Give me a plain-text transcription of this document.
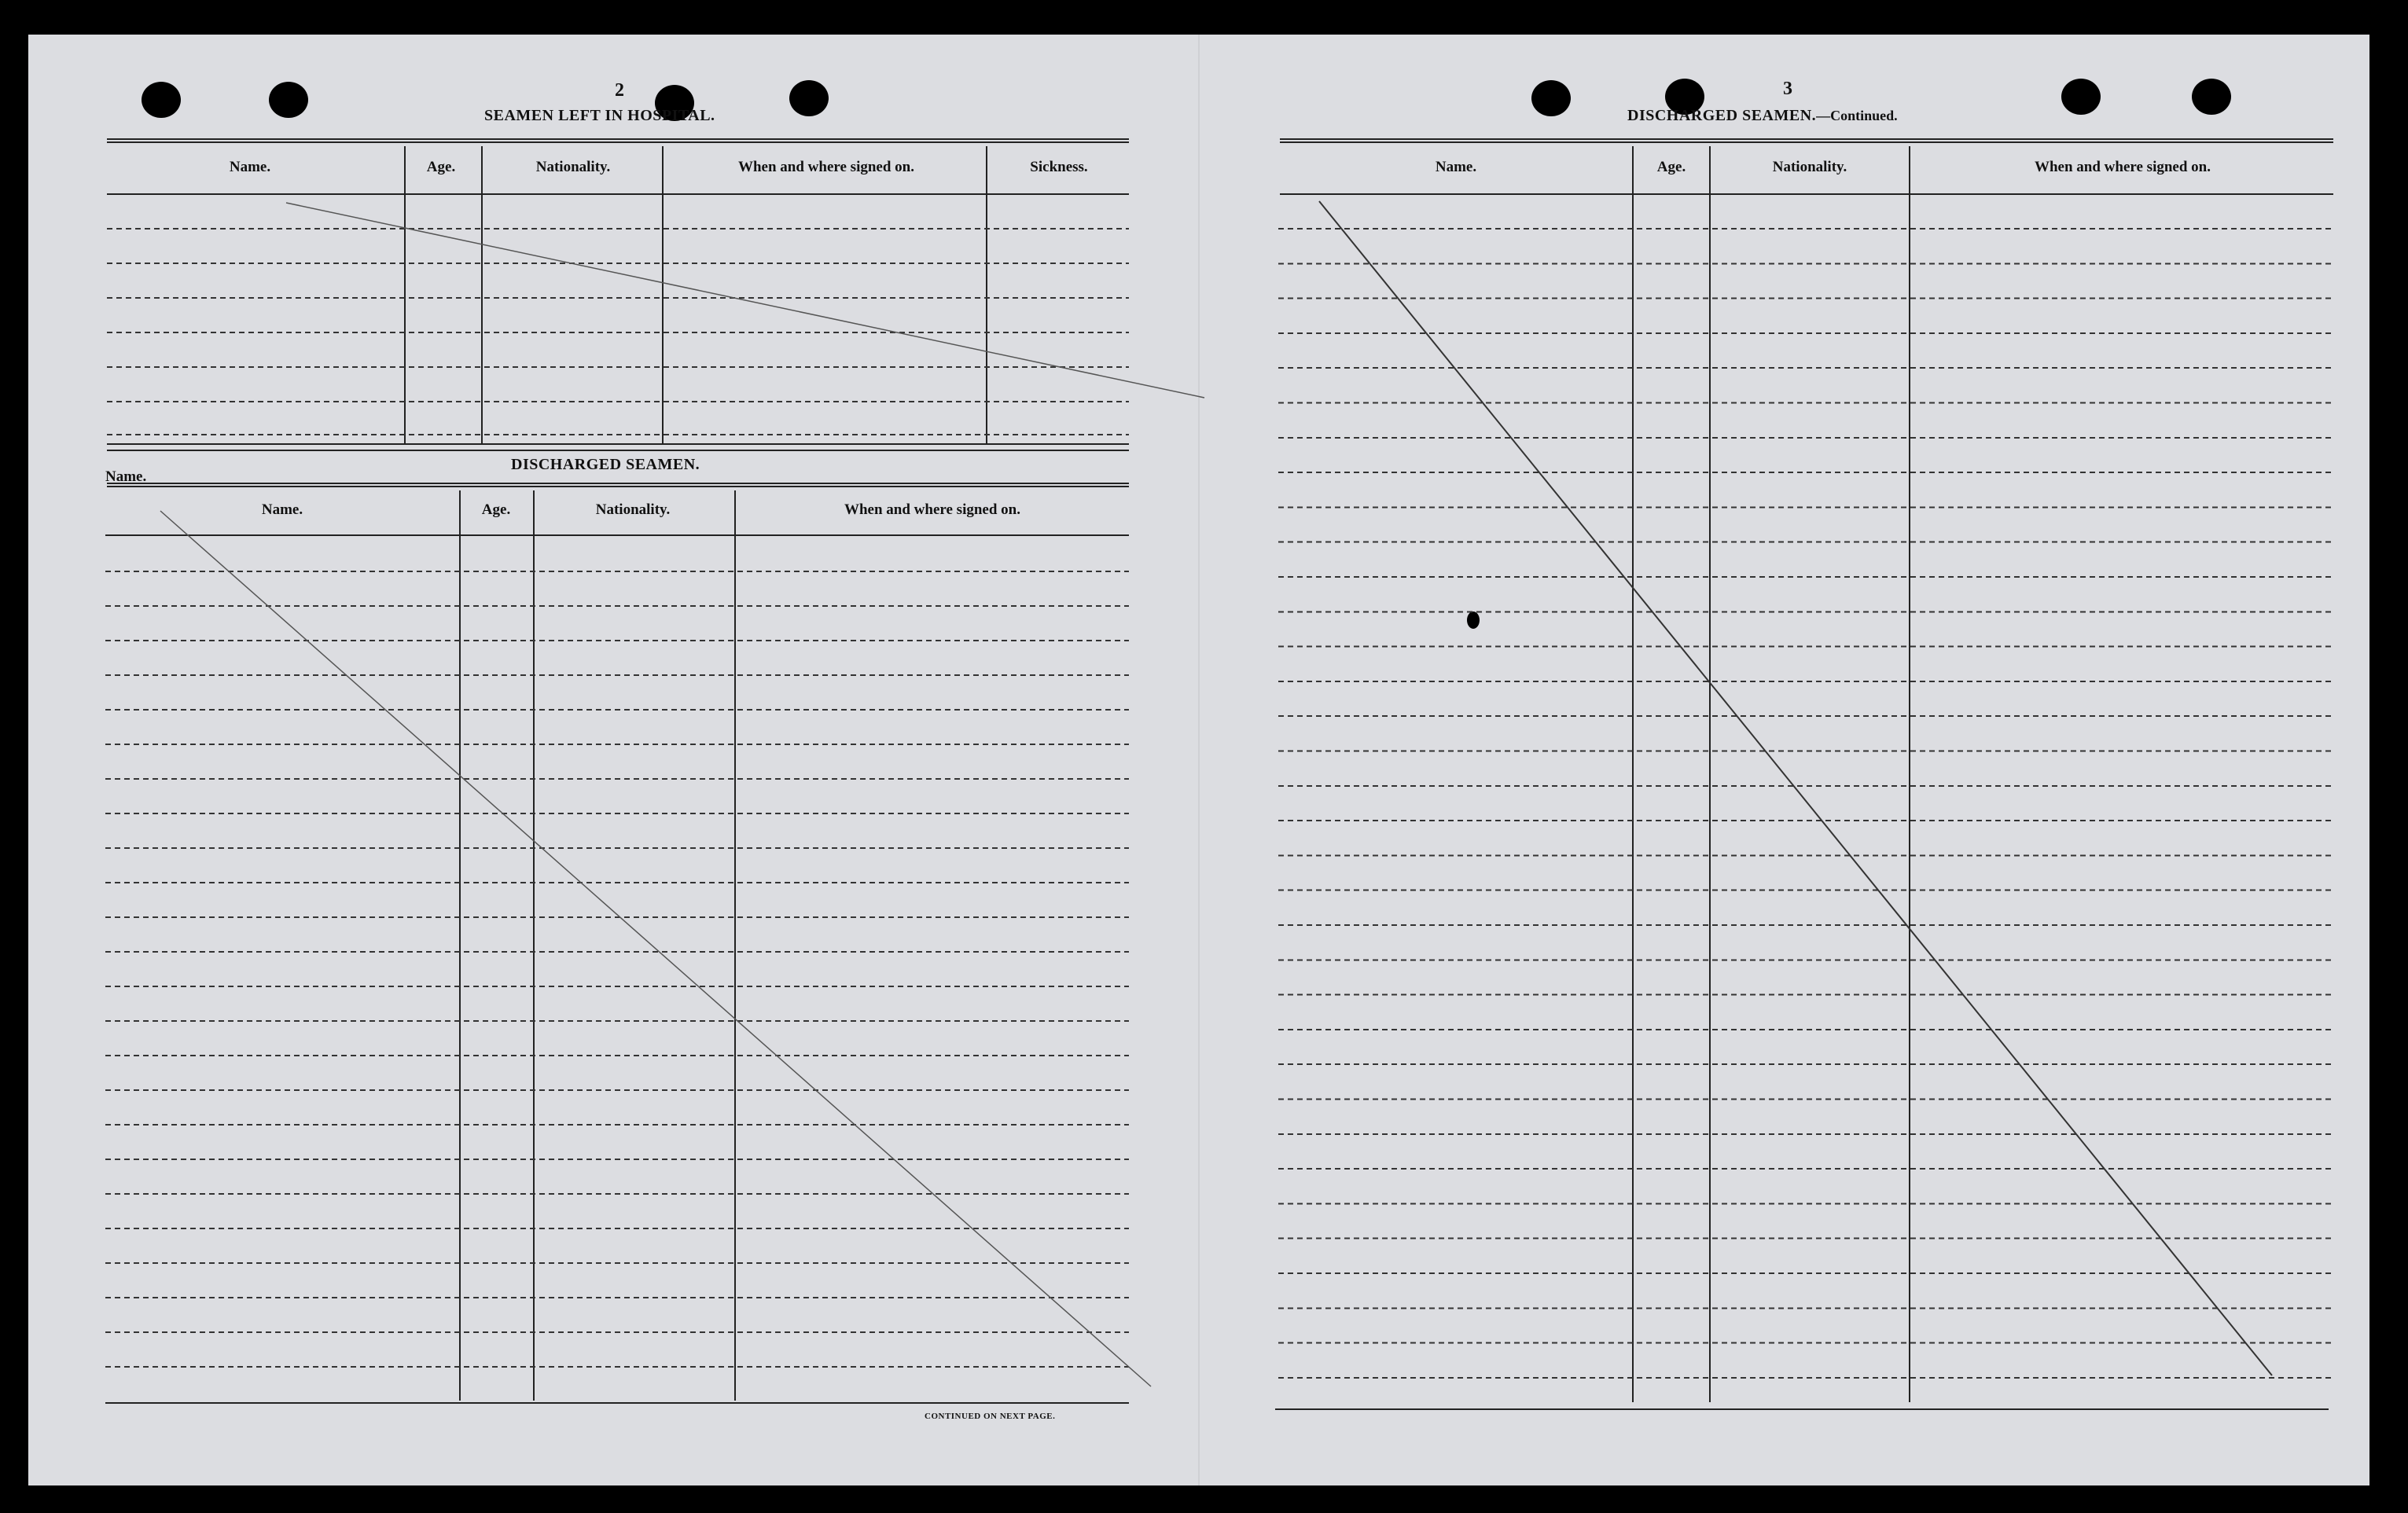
2
SEAMEN LEFT IN HOSPITAL.
Name.	Age.	Nationality.	When and where signed on.	Sickness.
DISCHARGED SEAMEN.
Name.
Name.	Age.	Nationality.	When and where signed on.
CONTINUED ON NEXT PAGE.
3
DISCHARGED SEAMEN.—Continued.
Name.	Age.	Nationality.	When and where signed on.
